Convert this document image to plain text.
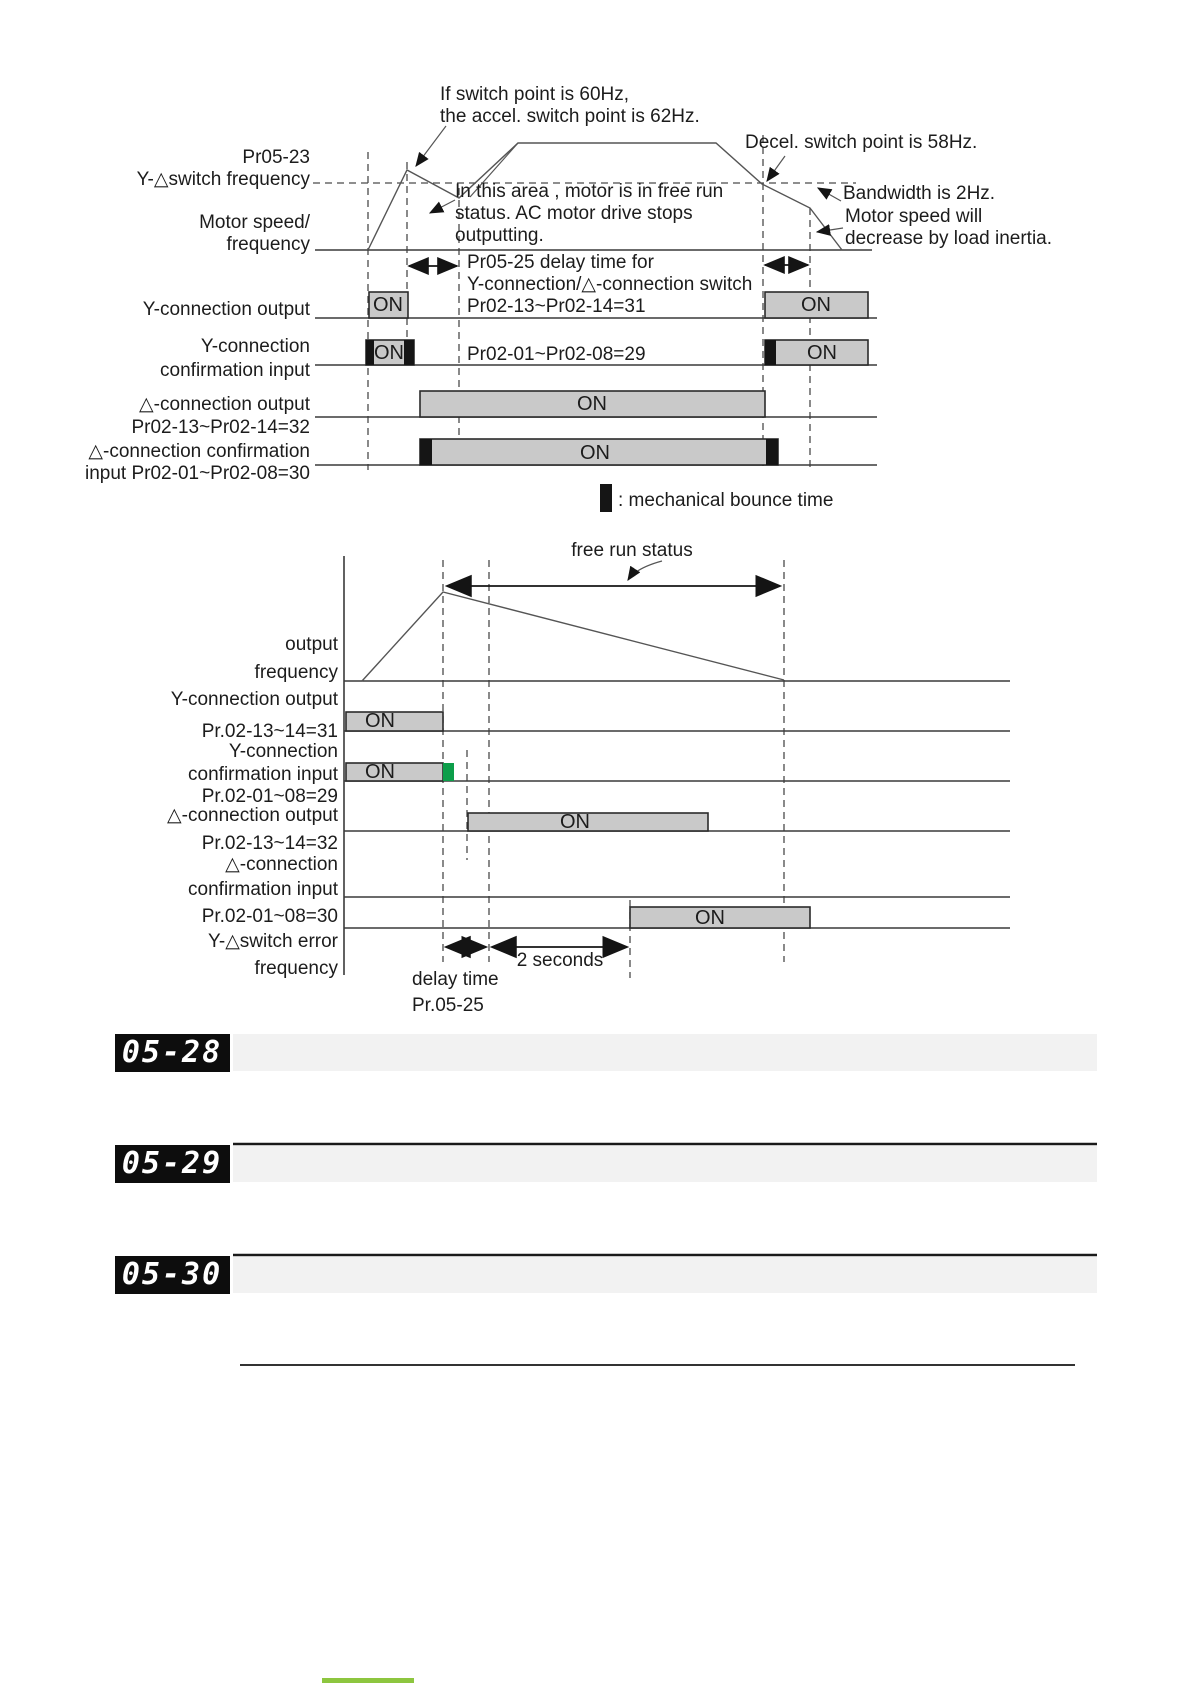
ON	ON
ON	ON
ON
ON
Pr05-23
Y-△switch frequency
Motor speed/
frequency
Y-connection output
Y-connection
confirmation input
△-connection output
Pr02-13~Pr02-14=32
△-connection confirmation
input Pr02-01~Pr02-08=30
If switch point is 60Hz,
the accel. switch point is 62Hz.
Decel. switch point is 58Hz.
Bandwidth is 2Hz.
In this area , motor is in free run
status. AC motor drive stops
outputting.
Motor speed will
decrease by load inertia.
Pr05-25 delay time for
Y-connection/△-connection switch
Pr02-13~Pr02-14=31
Pr02-01~Pr02-08=29
: mechanical bounce time
ON
ON
ON
ON
free run status
output
frequency
Y-connection output
Pr.02-13~14=31
Y-connection
confirmation input
Pr.02-01~08=29
△-connection output
Pr.02-13~14=32
△-connection
confirmation input
Pr.02-01~08=30
Y-△switch error
frequency	2 seconds
delay time
Pr.05-25
05-28
05-29
05-30
